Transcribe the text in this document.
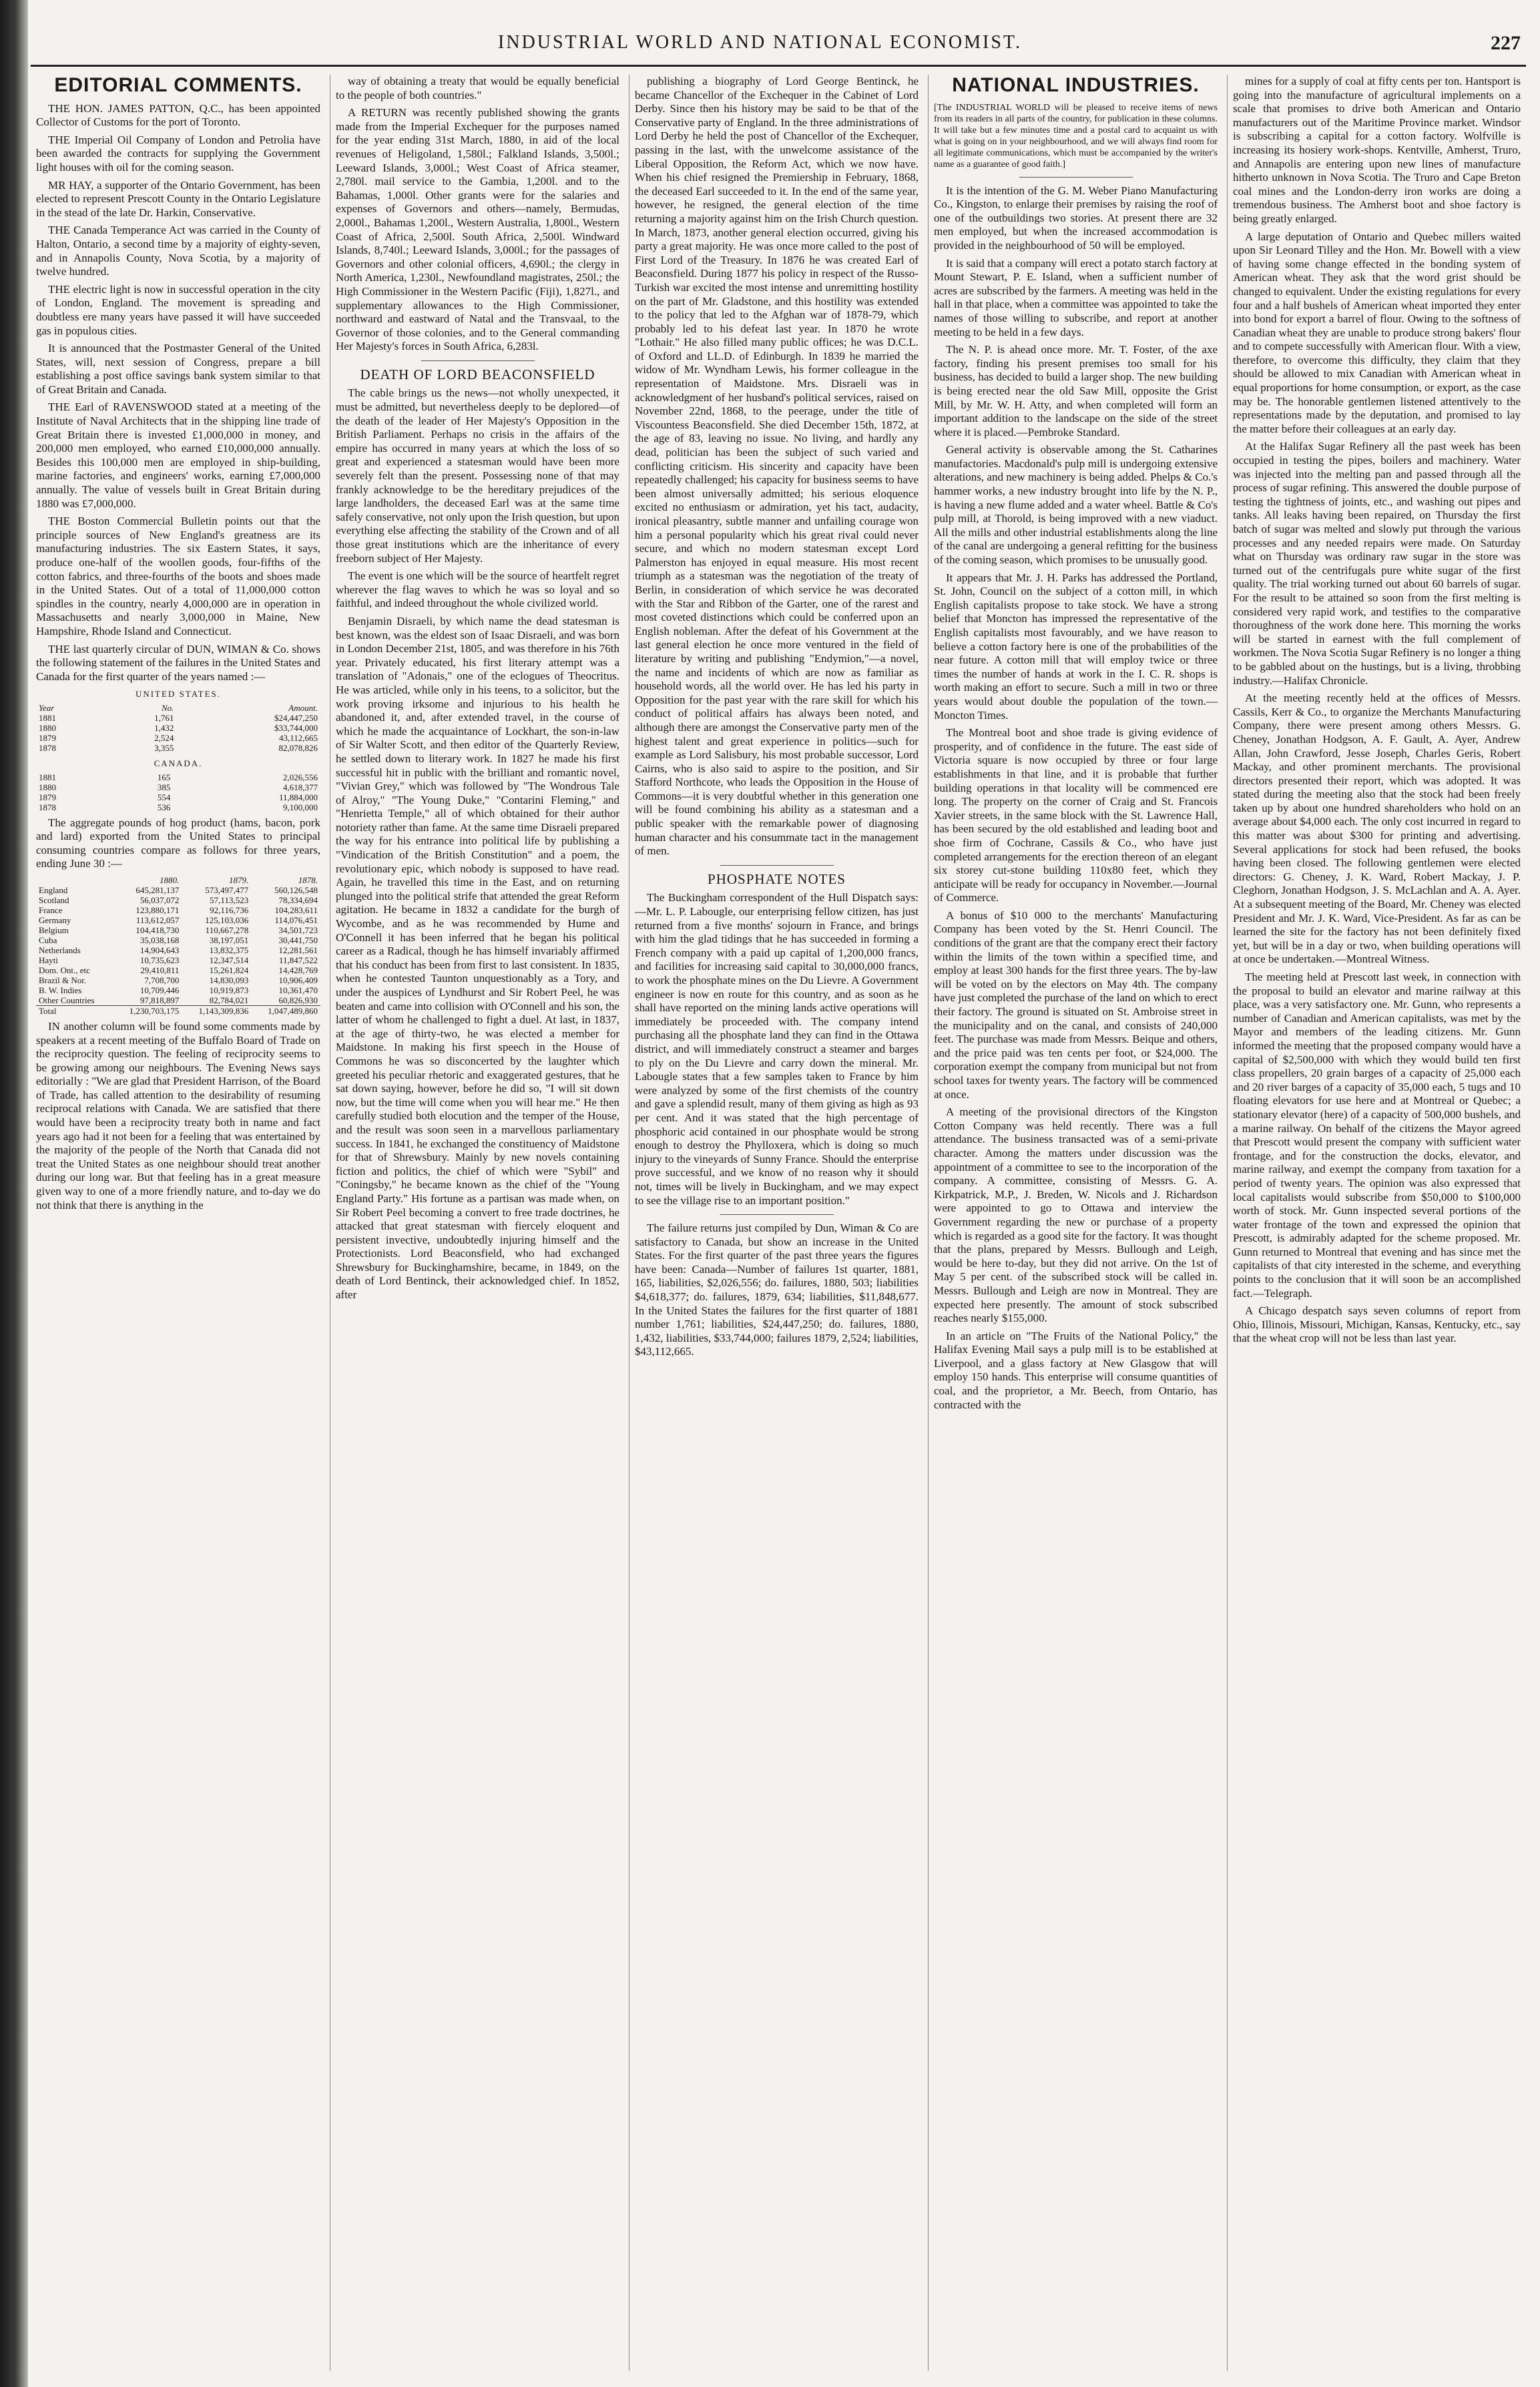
INDUSTRIAL WORLD AND NATIONAL ECONOMIST.	227
EDITORIAL COMMENTS.

THE HON. JAMES PATTON, Q.C., has been appointed Collector of Customs for the port of Toronto.

THE Imperial Oil Company of London and Petrolia have been awarded the contracts for supplying the Government light houses with oil for the coming season.

MR HAY, a supporter of the Ontario Government, has been elected to represent Prescott County in the Ontario Legislature in the stead of the late Dr. Harkin, Conservative.

THE Canada Temperance Act was carried in the County of Halton, Ontario, a second time by a majority of eighty-seven, and in Annapolis County, Nova Scotia, by a majority of twelve hundred.

THE electric light is now in successful operation in the city of London, England. The movement is spreading and doubtless ere many years have passed it will have succeeded gas in populous cities.

It is announced that the Postmaster General of the United States, will, next session of Congress, prepare a bill establishing a post office savings bank system similar to that of Great Britain and Canada.

THE Earl of RAVENSWOOD stated at a meeting of the Institute of Naval Architects that in the shipping line trade of Great Britain there is invested £1,000,000 in money, and 200,000 men employed, who earned £10,000,000 annually. Besides this 100,000 men are employed in ship-building, marine factories, and engineers' works, earning £7,000,000 annually. The value of vessels built in Great Britain during 1880 was £7,000,000.

THE Boston Commercial Bulletin points out that the principle sources of New England's greatness are its manufacturing industries. The six Eastern States, it says, produce one-half of the woollen goods, four-fifths of the cotton fabrics, and three-fourths of the boots and shoes made in the United States. Out of a total of 11,000,000 cotton spindles in the country, nearly 4,000,000 are in operation in Massachusetts and nearly 3,000,000 in Maine, New Hampshire, Rhode Island and Connecticut.

THE last quarterly circular of DUN, WIMAN & Co. shows the following statement of the failures in the United States and Canada for the first quarter of the years named :—

UNITED STATES.
Year	No.	Amount.
1881	1,761	$24,447,250
1880	1,432	$33,744,000
1879	2,524	43,112,665
1878	3,355	82,078,826
CANADA.
1881	165	2,026,556
1880	385	4,618,377
1879	554	11,884,000
1878	536	9,100,000

The aggregate pounds of hog product (hams, bacon, pork and lard) exported from the United States to principal consuming countries compare as follows for three years, ending June 30 :—

	1880.	1879.	1878.
England	645,281,137	573,497,477	560,126,548
Scotland	56,037,072	57,113,523	78,334,694
France	123,880,171	92,116,736	104,283,611
Germany	113,612,057	125,103,036	114,076,451
Belgium	104,418,730	110,667,278	34,501,723
Cuba	35,038,168	38,197,051	30,441,750
Netherlands	14,904,643	13,832,375	12,281,561
Hayti	10,735,623	12,347,514	11,847,522
Dom. Ont., etc	29,410,811	15,261,824	14,428,769
Brazil & Nor.	7,708,700	14,830,093	10,906,409
B. W. Indies	10,709,446	10,919,873	10,361,470
Other Countries	97,818,897	82,784,021	60,826,930
Total	1,230,703,175	1,143,309,836	1,047,489,860

IN another column will be found some comments made by speakers at a recent meeting of the Buffalo Board of Trade on the reciprocity question. The feeling of reciprocity seems to be growing among our neighbours. The Evening News says editorially : "We are glad that President Harrison, of the Board of Trade, has called attention to the desirability of resuming reciprocal relations with Canada. We are satisfied that there would have been a reciprocity treaty both in name and fact years ago had it not been for a feeling that was entertained by the majority of the people of the North that Canada did not treat the United States as one neighbour should treat another during our long war. But that feeling has in a great measure given way to one of a more friendly nature, and to-day we do not think that there is anything in the

way of obtaining a treaty that would be equally beneficial to the people of both countries."

A RETURN was recently published showing the grants made from the Imperial Exchequer for the purposes named for the year ending 31st March, 1880, in aid of the local revenues of Heligoland, 1,580l.; Falkland Islands, 3,500l.; Leeward Islands, 3,000l.; West Coast of Africa steamer, 2,780l. mail service to the Gambia, 1,200l. and to the Bahamas, 1,000l. Other grants were for the salaries and expenses of Governors and others—namely, Bermudas, 2,000l., Bahamas 1,200l., Western Australia, 1,800l., Western Coast of Africa, 2,500l. South Africa, 2,500l. Windward Islands, 8,740l.; Leeward Islands, 3,000l.; for the passages of Governors and other colonial officers, 4,690l.; the clergy in North America, 1,230l., Newfoundland magistrates, 250l.; the High Commissioner in the Western Pacific (Fiji), 1,827l., and supplementary allowances to the High Commissioner, northward and eastward of Natal and the Transvaal, to the Governor of those colonies, and to the General commanding Her Majesty's forces in South Africa, 6,283l.

DEATH OF LORD BEACONSFIELD

The cable brings us the news—not wholly unexpected, it must be admitted, but nevertheless deeply to be deplored—of the death of the leader of Her Majesty's Opposition in the British Parliament. Perhaps no crisis in the affairs of the empire has occurred in many years at which the loss of so great and experienced a statesman would have been more severely felt than the present. Possessing none of that may frankly acknowledge to be the hereditary prejudices of the large landholders, the deceased Earl was at the same time safely conservative, not only upon the Irish question, but upon everything else affecting the stability of the Crown and of all those great institutions which are the inheritance of every freeborn subject of Her Majesty.

The event is one which will be the source of heartfelt regret wherever the flag waves to which he was so loyal and so faithful, and indeed throughout the whole civilized world.

Benjamin Disraeli, by which name the dead statesman is best known, was the eldest son of Isaac Disraeli, and was born in London December 21st, 1805, and was therefore in his 76th year. Privately educated, his first literary attempt was a translation of "Adonais," one of the eclogues of Theocritus. He was articled, while only in his teens, to a solicitor, but the work proving irksome and injurious to his health he abandoned it, and, after extended travel, in the course of which he made the acquaintance of Lockhart, the son-in-law of Sir Walter Scott, and then editor of the Quarterly Review, he settled down to literary work. In 1827 he made his first successful hit in public with the brilliant and romantic novel, "Vivian Grey," which was followed by "The Wondrous Tale of Alroy," "The Young Duke," "Contarini Fleming," and "Henrietta Temple," all of which obtained for their author notoriety rather than fame. At the same time Disraeli prepared the way for his entrance into political life by publishing a "Vindication of the British Constitution" and a poem, the revolutionary epic, which nobody is supposed to have read. Again, he travelled this time in the East, and on returning plunged into the political strife that attended the great Reform agitation. He became in 1832 a candidate for the burgh of Wycombe, and as he was recommended by Hume and O'Connell it has been inferred that he began his political career as a Radical, though he has himself invariably affirmed that his conduct has been from first to last consistent. In 1835, when he contested Taunton unquestionably as a Tory, and under the auspices of Lyndhurst and Sir Robert Peel, he was beaten and came into collision with O'Connell and his son, the latter of whom he challenged to fight a duel. At last, in 1837, at the age of thirty-two, he was elected a member for Maidstone. In making his first speech in the House of Commons he was so disconcerted by the laughter which greeted his peculiar rhetoric and exaggerated gestures, that he sat down saying, however, before he did so, "I will sit down now, but the time will come when you will hear me." He then carefully studied both elocution and the temper of the House, and the result was soon seen in a marvellous parliamentary success. In 1841, he exchanged the constituency of Maidstone for that of Shrewsbury. Mainly by new novels containing fiction and politics, the chief of which were "Sybil" and "Coningsby," he became known as the chief of the "Young England Party." His fortune as a partisan was made when, on Sir Robert Peel becoming a convert to free trade doctrines, he attacked that great statesman with fiercely eloquent and persistent invective, undoubtedly injuring himself and the Protectionists. Lord Beaconsfield, who had exchanged Shrewsbury for Buckinghamshire, became, in 1849, on the death of Lord Bentinck, their acknowledged chief. In 1852, after

publishing a biography of Lord George Bentinck, he became Chancellor of the Exchequer in the Cabinet of Lord Derby. Since then his history may be said to be that of the Conservative party of England. In the three administrations of Lord Derby he held the post of Chancellor of the Exchequer, passing in the last, with the unwelcome assistance of the Liberal Opposition, the Reform Act, which we now have. When his chief resigned the Premiership in February, 1868, the deceased Earl succeeded to it. In the end of the same year, however, he resigned, the general election of the time returning a majority against him on the Irish Church question. In March, 1873, another general election occurred, giving his party a great majority. He was once more called to the post of First Lord of the Treasury. In 1876 he was created Earl of Beaconsfield. During 1877 his policy in respect of the Russo-Turkish war excited the most intense and unremitting hostility on the part of Mr. Gladstone, and this hostility was extended to the policy that led to the Afghan war of 1878-79, which probably led to his defeat last year. In 1870 he wrote "Lothair." He also filled many public offices; he was D.C.L. of Oxford and LL.D. of Edinburgh. In 1839 he married the widow of Mr. Wyndham Lewis, his former colleague in the representation of Maidstone. Mrs. Disraeli was in acknowledgment of her husband's political services, raised on November 22nd, 1868, to the peerage, under the title of Viscountess Beaconsfield. She died December 15th, 1872, at the age of 83, leaving no issue. No living, and hardly any dead, politician has been the subject of such varied and conflicting criticism. His sincerity and capacity have been repeatedly challenged; his capacity for business seems to have been almost universally admitted; his serious eloquence excited no enthusiasm or admiration, yet his tact, audacity, ironical pleasantry, subtle manner and unfailing courage won him a personal popularity which his great rival could never secure, and which no modern statesman except Lord Palmerston has enjoyed in equal measure. His most recent triumph as a statesman was the negotiation of the treaty of Berlin, in consideration of which service he was decorated with the Star and Ribbon of the Garter, one of the rarest and most coveted distinctions which could be conferred upon an English nobleman. After the defeat of his Government at the last general election he once more ventured in the field of literature by writing and publishing "Endymion,"—a novel, the name and incidents of which are now as familiar as household words, all the world over. He has led his party in Opposition for the past year with the rare skill for which his conduct of political affairs has always been noted, and although there are amongst the Conservative party men of the highest talent and great experience in politics—such for example as Lord Salisbury, his most probable successor, Lord Cairns, who is also said to aspire to the position, and Sir Stafford Northcote, who leads the Opposition in the House of Commons—it is very doubtful whether in this generation one will be found combining his ability as a statesman and a public speaker with the remarkable power of diagnosing human character and his consummate tact in the management of men.

PHOSPHATE NOTES

The Buckingham correspondent of the Hull Dispatch says:—Mr. L. P. Labougle, our enterprising fellow citizen, has just returned from a five months' sojourn in France, and brings with him the glad tidings that he has succeeded in forming a French company with a paid up capital of 1,200,000 francs, and facilities for increasing said capital to 30,000,000 francs, to work the phosphate mines on the Du Lievre. A Government engineer is now en route for this country, and as soon as he shall have reported on the mining lands active operations will immediately be proceeded with. The company intend purchasing all the phosphate land they can find in the Ottawa district, and will immediately construct a steamer and barges to ply on the Du Lievre and carry down the mineral. Mr. Labougle states that a few samples taken to France by him were analyzed by some of the first chemists of the country and gave a splendid result, many of them giving as high as 93 per cent. And it was stated that the high percentage of phosphoric acid contained in our phosphate would be strong enough to destroy the Phylloxera, which is doing so much injury to the vineyards of Sunny France. Should the enterprise prove successful, and we know of no reason why it should not, times will be lively in Buckingham, and we may expect to see the village rise to an important position."

The failure returns just compiled by Dun, Wiman & Co are satisfactory to Canada, but show an increase in the United States. For the first quarter of the past three years the figures have been: Canada—Number of failures 1st quarter, 1881, 165, liabilities, $2,026,556; do. failures, 1880, 503; liabilities $4,618,377; do. failures, 1879, 634; liabilities, $11,848,677. In the United States the failures for the first quarter of 1881 number 1,761; liabilities, $24,447,250; do. failures, 1880, 1,432, liabilities, $33,744,000; failures 1879, 2,524; liabilities, $43,112,665.

NATIONAL INDUSTRIES.

[The INDUSTRIAL WORLD will be pleased to receive items of news from its readers in all parts of the country, for publication in these columns. It will take but a few minutes time and a postal card to acquaint us with what is going on in your neighbourhood, and we will always find room for all legitimate communications, which must be accompanied by the writer's name as a guarantee of good faith.]

It is the intention of the G. M. Weber Piano Manufacturing Co., Kingston, to enlarge their premises by raising the roof of one of the outbuildings two stories. At present there are 32 men employed, but when the increased accommodation is provided in the neighbourhood of 50 will be employed.

It is said that a company will erect a potato starch factory at Mount Stewart, P. E. Island, when a sufficient number of acres are subscribed by the farmers. A meeting was held in the hall in that place, when a committee was appointed to take the names of those willing to subscribe, and report at another meeting to be held in a few days.

The N. P. is ahead once more. Mr. T. Foster, of the axe factory, finding his present premises too small for his business, has decided to build a larger shop. The new building is being erected near the old Saw Mill, opposite the Grist Mill, by Mr. W. H. Atty, and when completed will form an important addition to the landscape on the side of the street where it is placed.—Pembroke Standard.

General activity is observable among the St. Catharines manufactories. Macdonald's pulp mill is undergoing extensive alterations, and new machinery is being added. Phelps & Co.'s hammer works, a new industry brought into life by the N. P., is having a new flume added and a water wheel. Battle & Co's pulp mill, at Thorold, is being improved with a new viaduct. All the mills and other industrial establishments along the line of the canal are undergoing a general refitting for the business of the coming season, which promises to be unusually good.

It appears that Mr. J. H. Parks has addressed the Portland, St. John, Council on the subject of a cotton mill, in which English capitalists propose to take stock. We have a strong belief that Moncton has impressed the representative of the English capitalists most favourably, and we have reason to believe a cotton factory here is one of the probabilities of the near future. A cotton mill that will employ twice or three times the number of hands at work in the I. C. R. shops is worth making an effort to secure. Such a mill in two or three years would about double the population of the town.—Moncton Times.

The Montreal boot and shoe trade is giving evidence of prosperity, and of confidence in the future. The east side of Victoria square is now occupied by three or four large establishments in that line, and it is probable that further building operations in that locality will be commenced ere long. The property on the corner of Craig and St. Francois Xavier streets, in the same block with the St. Lawrence Hall, has been secured by the old established and leading boot and shoe firm of Cochrane, Cassils & Co., who have just completed arrangements for the erection thereon of an elegant six storey cut-stone building 110x80 feet, which they anticipate will be ready for occupancy in November.—Journal of Commerce.

A bonus of $10 000 to the merchants' Manufacturing Company has been voted by the St. Henri Council. The conditions of the grant are that the company erect their factory within the limits of the town within a specified time, and employ at least 300 hands for the first three years. The by-law will be voted on by the electors on May 4th. The company have just completed the purchase of the land on which to erect their factory. The ground is situated on St. Ambroise street in the municipality and on the canal, and consists of 240,000 feet. The purchase was made from Messrs. Beique and others, and the price paid was ten cents per foot, or $24,000. The corporation exempt the company from municipal but not from school taxes for twenty years. The factory will be commenced at once.

A meeting of the provisional directors of the Kingston Cotton Company was held recently. There was a full attendance. The business transacted was of a semi-private character. Among the matters under discussion was the appointment of a committee to see to the incorporation of the company. A committee, consisting of Messrs. G. A. Kirkpatrick, M.P., J. Breden, W. Nicols and J. Richardson were appointed to go to Ottawa and interview the Government regarding the new or purchase of a property which is regarded as a good site for the factory. It was thought that the plans, prepared by Messrs. Bullough and Leigh, would be here to-day, but they did not arrive. On the 1st of May 5 per cent. of the subscribed stock will be called in. Messrs. Bullough and Leigh are now in Montreal. They are expected here presently. The amount of stock subscribed reaches nearly $155,000.

In an article on "The Fruits of the National Policy," the Halifax Evening Mail says a pulp mill is to be established at Liverpool, and a glass factory at New Glasgow that will employ 150 hands. This enterprise will consume quantities of coal, and the proprietor, a Mr. Beech, from Ontario, has contracted with the

mines for a supply of coal at fifty cents per ton. Hantsport is going into the manufacture of agricultural implements on a scale that promises to drive both American and Ontario manufacturers out of the Maritime Province market. Windsor is subscribing a capital for a cotton factory. Wolfville is increasing its hosiery work-shops. Kentville, Amherst, Truro, and Annapolis are entering upon new lines of manufacture hitherto unknown in Nova Scotia. The Truro and Cape Breton coal mines and the London-derry iron works are doing a tremendous business. The Amherst boot and shoe factory is being greatly enlarged.

A large deputation of Ontario and Quebec millers waited upon Sir Leonard Tilley and the Hon. Mr. Bowell with a view of having some change effected in the bonding system of American wheat. They ask that the word grist should be changed to equivalent. Under the existing regulations for every four and a half bushels of American wheat imported they enter into bond for export a barrel of flour. Owing to the softness of Canadian wheat they are unable to produce strong bakers' flour and to compete successfully with American flour. With a view, therefore, to overcome this difficulty, they claim that they should be allowed to mix Canadian with American wheat in equal proportions for home consumption, or export, as the case may be. The honorable gentlemen listened attentively to the representations made by the deputation, and promised to lay the matter before their colleagues at an early day.

At the Halifax Sugar Refinery all the past week has been occupied in testing the pipes, boilers and machinery. Water was injected into the melting pan and passed through all the process of sugar refining. This answered the double purpose of testing the tightness of joints, etc., and washing out pipes and tanks. All leaks having been repaired, on Thursday the first batch of sugar was melted and slowly put through the various processes and any needed repairs were made. On Saturday what on Thursday was ordinary raw sugar in the store was turned out of the centrifugals pure white sugar of the first quality. The trial working turned out about 60 barrels of sugar. For the result to be attained so soon from the first melting is considered very rapid work, and testifies to the comparative thoroughness of the work done here. This morning the works will be started in earnest with the full complement of workmen. The Nova Scotia Sugar Refinery is no longer a thing to be gabbled about on the hustings, but is a living, throbbing industry.—Halifax Chronicle.

At the meeting recently held at the offices of Messrs. Cassils, Kerr & Co., to organize the Merchants Manufacturing Company, there were present among others Messrs. G. Cheney, Jonathan Hodgson, A. F. Gault, A. Ayer, Andrew Allan, John Crawford, Jesse Joseph, Charles Geris, Robert Mackay, and other prominent merchants. The provisional directors presented their report, which was adopted. It was stated during the meeting also that the stock had been freely taken up by about one hundred shareholders who hold on an average about $4,000 each. The only cost incurred in regard to this matter was about $300 for printing and advertising. Several applications for stock had been refused, the books having been closed. The following gentlemen were elected directors: G. Cheney, J. K. Ward, Robert Mackay, J. P. Cleghorn, Jonathan Hodgson, J. S. McLachlan and A. A. Ayer. At a subsequent meeting of the Board, Mr. Cheney was elected President and Mr. J. K. Ward, Vice-President. As far as can be learned the site for the factory has not been definitely fixed yet, but will be in a day or two, when building operations will at once be undertaken.—Montreal Witness.

The meeting held at Prescott last week, in connection with the proposal to build an elevator and marine railway at this place, was a very satisfactory one. Mr. Gunn, who represents a number of Canadian and American capitalists, was met by the Mayor and members of the leading citizens. Mr. Gunn informed the meeting that the proposed company would have a capital of $2,500,000 with which they would build ten first class propellers, 20 grain barges of a capacity of 25,000 each and 20 river barges of a capacity of 35,000 each, 5 tugs and 10 floating elevators for use here and at Montreal or Quebec; a stationary elevator (here) of a capacity of 500,000 bushels, and a marine railway. On behalf of the citizens the Mayor agreed that Prescott would present the company with sufficient water frontage, and for the construction the docks, elevator, and marine railway, and exempt the company from taxation for a period of twenty years. The opinion was also expressed that local capitalists would subscribe from $50,000 to $100,000 worth of stock. Mr. Gunn inspected several portions of the water frontage of the town and expressed the opinion that Prescott, is admirably adapted for the scheme proposed. Mr. Gunn returned to Montreal that evening and has since met the capitalists of that city interested in the scheme, and everything points to the conclusion that it will soon be an accomplished fact.—Telegraph.

A Chicago despatch says seven columns of report from Ohio, Illinois, Missouri, Michigan, Kansas, Kentucky, etc., say that the wheat crop will not be less than last year.
